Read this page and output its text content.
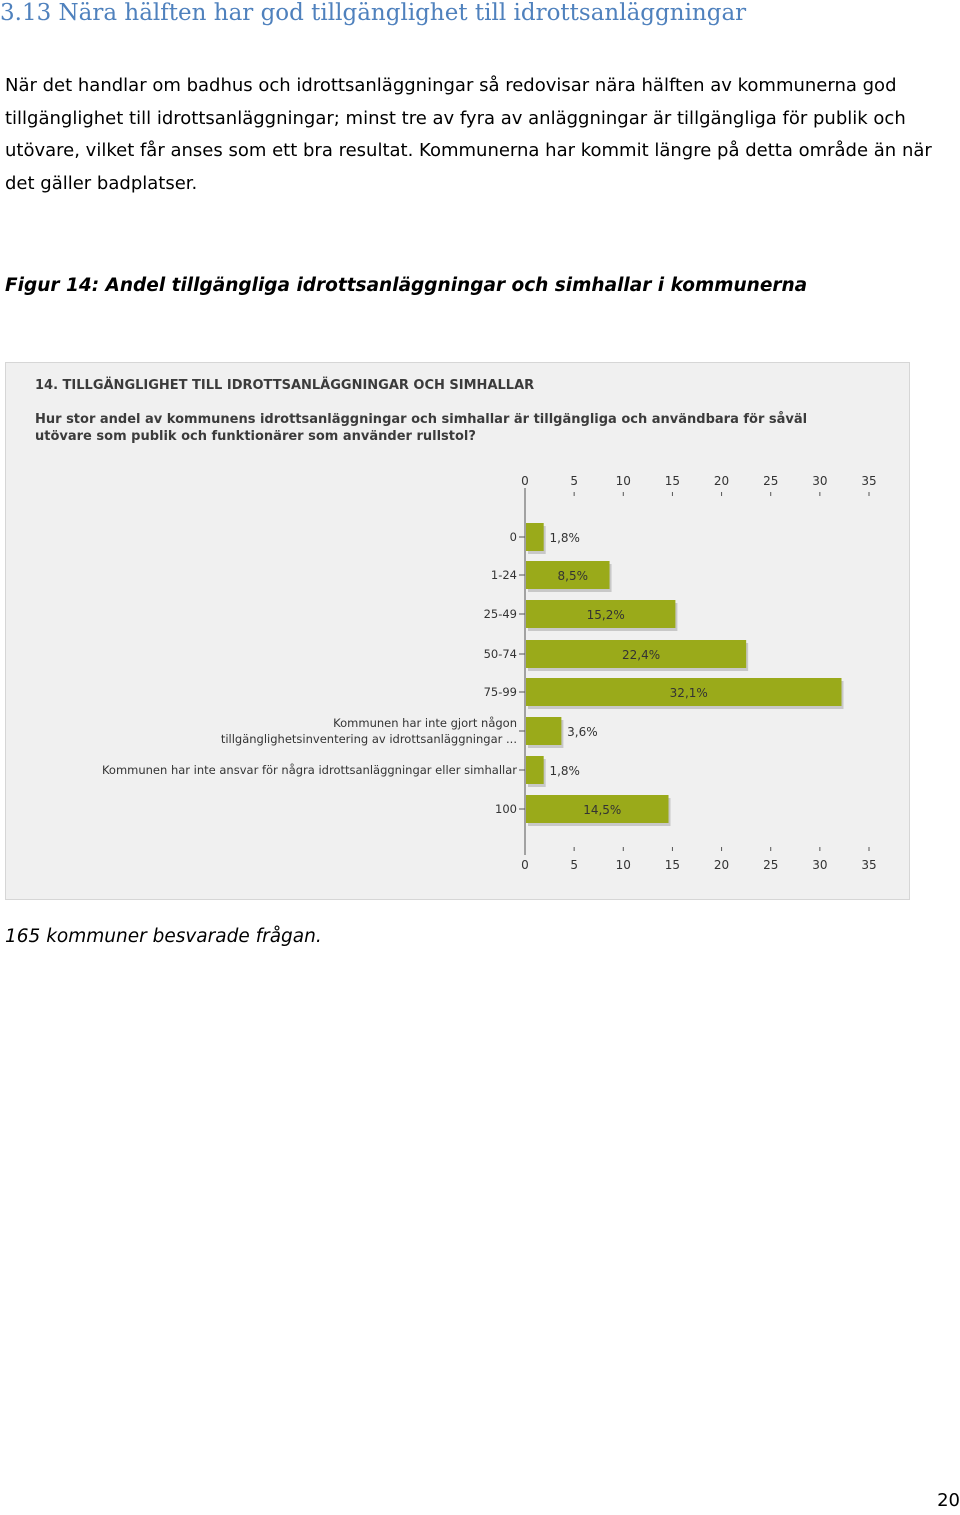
3.13 Nära hälften har god tillgänglighet till idrottsanläggningar

När det handlar om badhus och idrottsanläggningar så redovisar nära hälften av kommunerna god tillgänglighet till idrottsanläggningar; minst tre av fyra av anläggningar är tillgängliga för publik och utövare, vilket får anses som ett bra resultat. Kommunerna har kommit längre på detta område än när det gäller badplatser.

Figur 14: Andel tillgängliga idrottsanläggningar och simhallar i kommunerna

14. TILLGÄNGLIGHET TILL IDROTTSANLÄGGNINGAR OCH SIMHALLAR
Hur stor andel av kommunens idrottsanläggningar och simhallar är tillgängliga och användbara för såväl utövare som publik och funktionärer som använder rullstol?
0
0
5
5
10
10
15
15
20
20
25
25
30
30
35
35
1,8%
0
8,5%
1-24
15,2%
25-49
22,4%
50-74
32,1%
75-99
3,6%
Kommunen har inte gjort någon
tillgänglighetsinventering av idrottsanläggningar ...
1,8%
Kommunen har inte ansvar för några idrottsanläggningar eller simhallar
14,5%
100

165 kommuner besvarade frågan.

20
